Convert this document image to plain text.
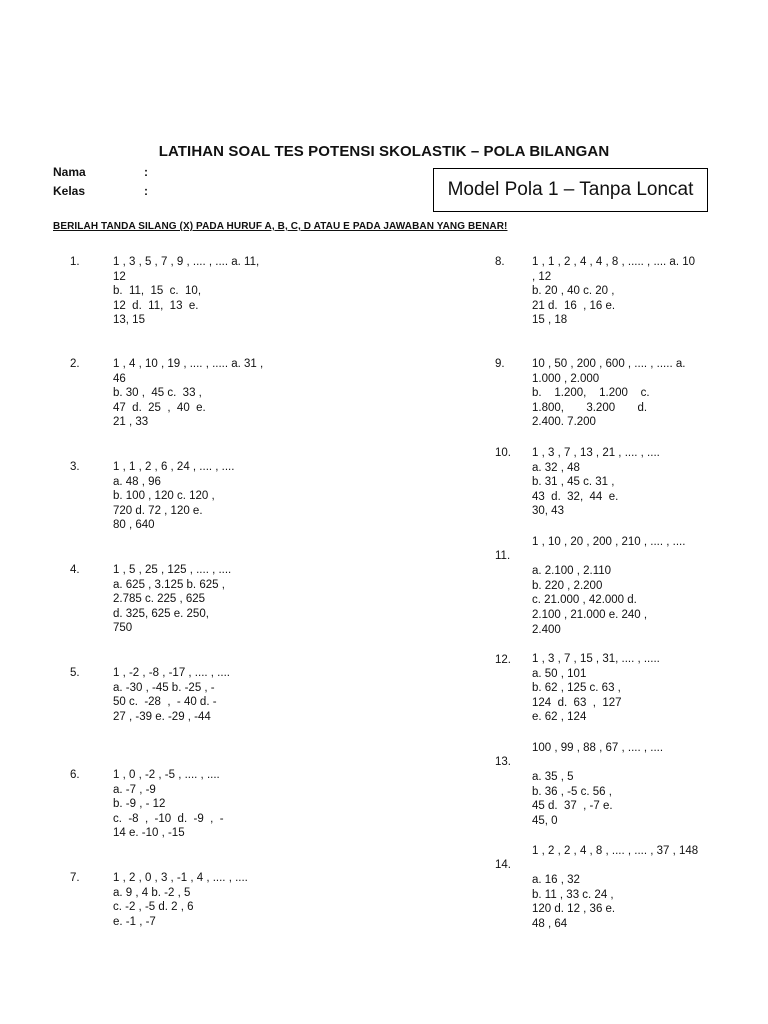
LATIHAN SOAL TES POTENSI SKOLASTIK – POLA BILANGAN
Nama	:
Kelas	:	Model Pola 1 – Tanpa Loncat
BERILAH TANDA SILANG (X) PADA HURUF A, B, C, D ATAU E PADA JAWABAN YANG BENAR!
1.	1 , 3 , 5 , 7 , 9 , .... , .... a. 11,
12
b.  11,  15  c.  10,
12  d.  11,  13  e.
13, 15
2.	1 , 4 , 10 , 19 , .... , ..... a. 31 ,
46
b. 30 ,  45 c.  33 ,
47  d.  25  ,  40  e.
21 , 33
3.	1 , 1 , 2 , 6 , 24 , .... , ....
a. 48 , 96
b. 100 , 120 c. 120 ,
720 d. 72 , 120 e.
80 , 640
4.	1 , 5 , 25 , 125 , .... , ....
a. 625 , 3.125 b. 625 ,
2.785 c. 225 , 625
d. 325, 625 e. 250,
750
5.	1 , -2 , -8 , -17 , .... , ....
a. -30 , -45 b. -25 , -
50 c.  -28  ,  - 40 d. -
27 , -39 e. -29 , -44
6.	1 , 0 , -2 , -5 , .... , ....
a. -7 , -9
b. -9 , - 12
c.  -8  ,  -10  d.  -9  ,  -
14 e. -10 , -15
7.	1 , 2 , 0 , 3 , -1 , 4 , .... , ....
a. 9 , 4 b. -2 , 5
c. -2 , -5 d. 2 , 6
e. -1 , -7
8.	1 , 1 , 2 , 4 , 4 , 8 , ..... , .... a. 10
, 12
b. 20 , 40 c. 20 ,
21 d.  16  , 16 e.
15 , 18
9.	10 , 50 , 200 , 600 , .... , ..... a.
1.000 , 2.000
b.    1.200,    1.200    c.
1.800,       3.200       d.
2.400. 7.200
10.	1 , 3 , 7 , 13 , 21 , .... , ....
a. 32 , 48
b. 31 , 45 c. 31 ,
43  d.  32,  44  e.
30, 43
11.
1 , 10 , 20 , 200 , 210 , .... , ....

a. 2.100 , 2.110
b. 220 , 2.200
c. 21.000 , 42.000 d.
2.100 , 21.000 e. 240 ,
2.400
12.	1 , 3 , 7 , 15 , 31, .... , .....
a. 50 , 101
b. 62 , 125 c. 63 ,
124  d.  63  ,  127
e. 62 , 124
13.
100 , 99 , 88 , 67 , .... , ....

a. 35 , 5
b. 36 , -5 c. 56 ,
45 d.  37  , -7 e.
45, 0
14.
1 , 2 , 2 , 4 , 8 , .... , .... , 37 , 148

a. 16 , 32
b. 11 , 33 c. 24 ,
120 d. 12 , 36 e.
48 , 64
